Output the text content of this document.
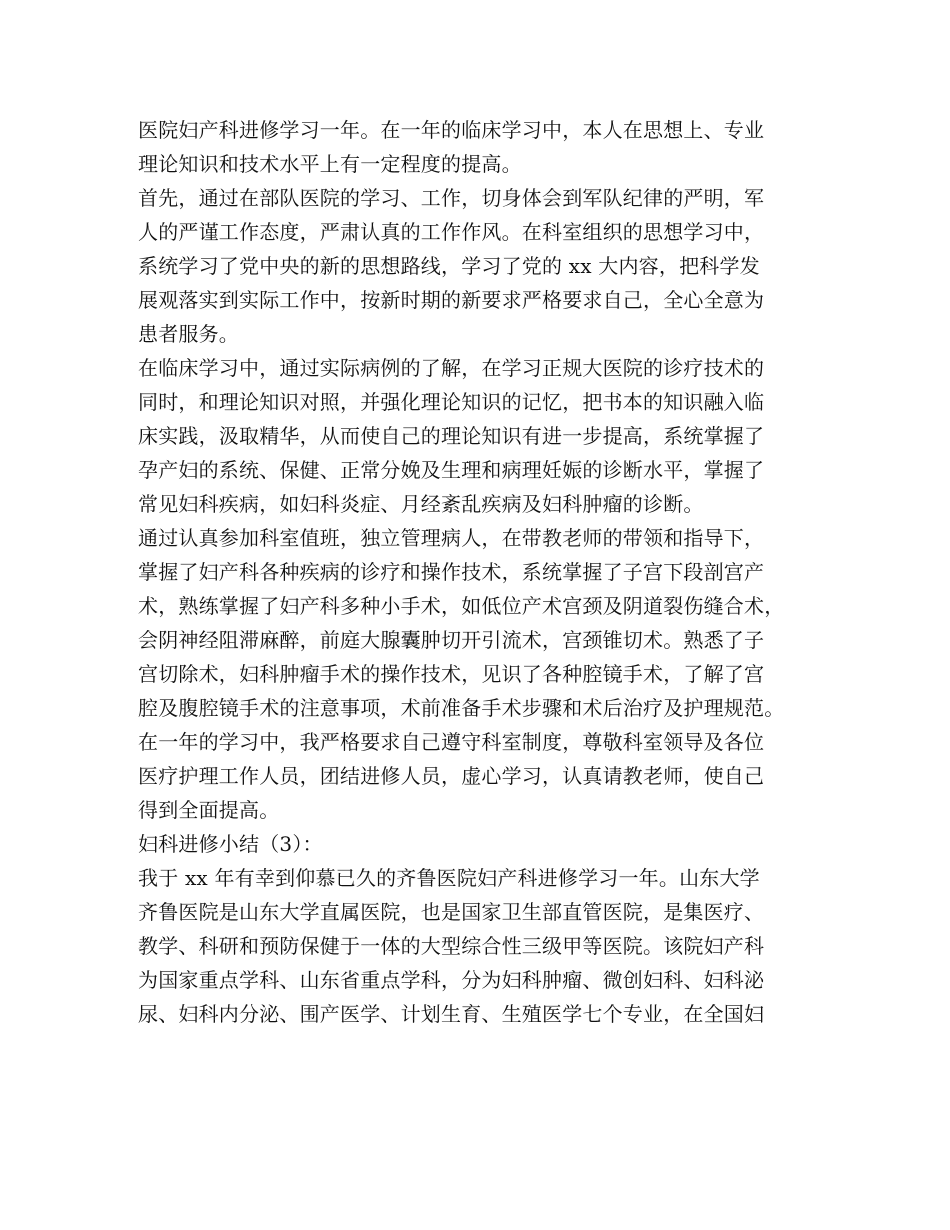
医院妇产科进修学习一年。在一年的临床学习中，本人在思想上、专业
理论知识和技术水平上有一定程度的提高。
首先，通过在部队医院的学习、工作，切身体会到军队纪律的严明，军
人的严谨工作态度，严肃认真的工作作风。在科室组织的思想学习中，
系统学习了党中央的新的思想路线，学习了党的 xx 大内容，把科学发
展观落实到实际工作中，按新时期的新要求严格要求自己，全心全意为
患者服务。
在临床学习中，通过实际病例的了解，在学习正规大医院的诊疗技术的
同时，和理论知识对照，并强化理论知识的记忆，把书本的知识融入临
床实践，汲取精华，从而使自己的理论知识有进一步提高，系统掌握了
孕产妇的系统、保健、正常分娩及生理和病理妊娠的诊断水平，掌握了
常见妇科疾病，如妇科炎症、月经紊乱疾病及妇科肿瘤的诊断。
通过认真参加科室值班，独立管理病人，在带教老师的带领和指导下，
掌握了妇产科各种疾病的诊疗和操作技术，系统掌握了子宫下段剖宫产
术，熟练掌握了妇产科多种小手术，如低位产术宫颈及阴道裂伤缝合术，
会阴神经阻滞麻醉，前庭大腺囊肿切开引流术，宫颈锥切术。熟悉了子
宫切除术，妇科肿瘤手术的操作技术，见识了各种腔镜手术，了解了宫
腔及腹腔镜手术的注意事项，术前准备手术步骤和术后治疗及护理规范。
在一年的学习中，我严格要求自己遵守科室制度，尊敬科室领导及各位
医疗护理工作人员，团结进修人员，虚心学习，认真请教老师，使自己
得到全面提高。
妇科进修小结（3）：
我于 xx 年有幸到仰慕已久的齐鲁医院妇产科进修学习一年。山东大学
齐鲁医院是山东大学直属医院，也是国家卫生部直管医院，是集医疗、
教学、科研和预防保健于一体的大型综合性三级甲等医院。该院妇产科
为国家重点学科、山东省重点学科，分为妇科肿瘤、微创妇科、妇科泌
尿、妇科内分泌、围产医学、计划生育、生殖医学七个专业，在全国妇
